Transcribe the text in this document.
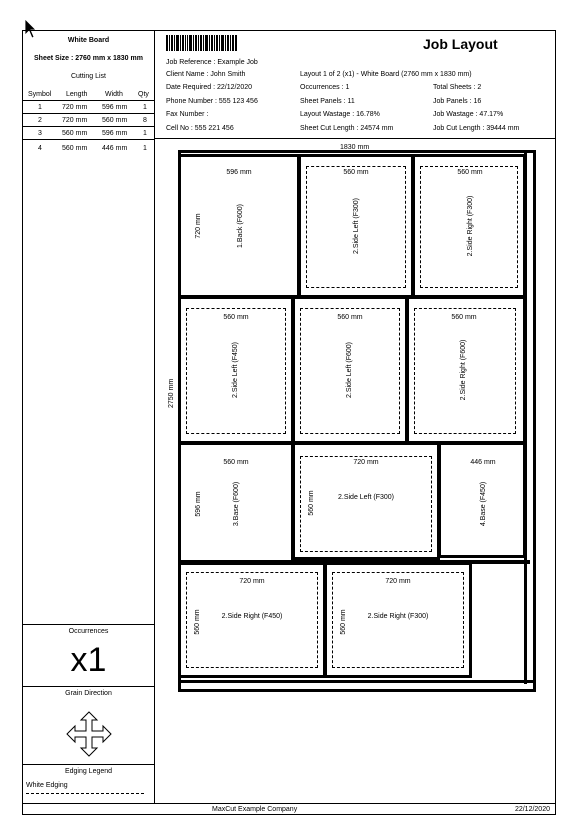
White Board
Sheet Size : 2760 mm x 1830 mm
Cutting List
Symbol Length	Width Qty
1	720 mm 596 mm 1
2	720 mm 560 mm 8
3	560 mm 596 mm 1
4	560 mm 446 mm 1
Occurrences
x1
Grain Direction
Edging Legend
White Edging
Job Layout
Job Reference : Example Job
Client Name : John Smith
Date Required : 22/12/2020
Phone Number : 555 123 456
Fax Number :
Cell No : 555 221 456
Layout 1 of 2 (x1) - White Board (2760 mm x 1830 mm)
Occurrences : 1
Sheet Panels : 11
Layout Wastage : 16.78%
Sheet Cut Length : 24574 mm
Total Sheets : 2
Job Panels : 16
Job Wastage : 47.17%
Job Cut Length : 39444 mm
1830 mm
2750 mm
596 mm
720 mm	1.Back (F600)
560 mm
2.Side Left (F300)
560 mm
2.Side Right (F300)
560 mm
2.Side Left (F450)
560 mm
2.Side Left (F600)
560 mm
2.Side Right (F600)
560 mm
596 mm	3.Base (F600)
720 mm
560 mm	2.Side Left (F300)
446 mm
4.Base (F450)
720 mm
560 mm	2.Side Right (F450)
720 mm
560 mm	2.Side Right (F300)
MaxCut Example Company	22/12/2020
